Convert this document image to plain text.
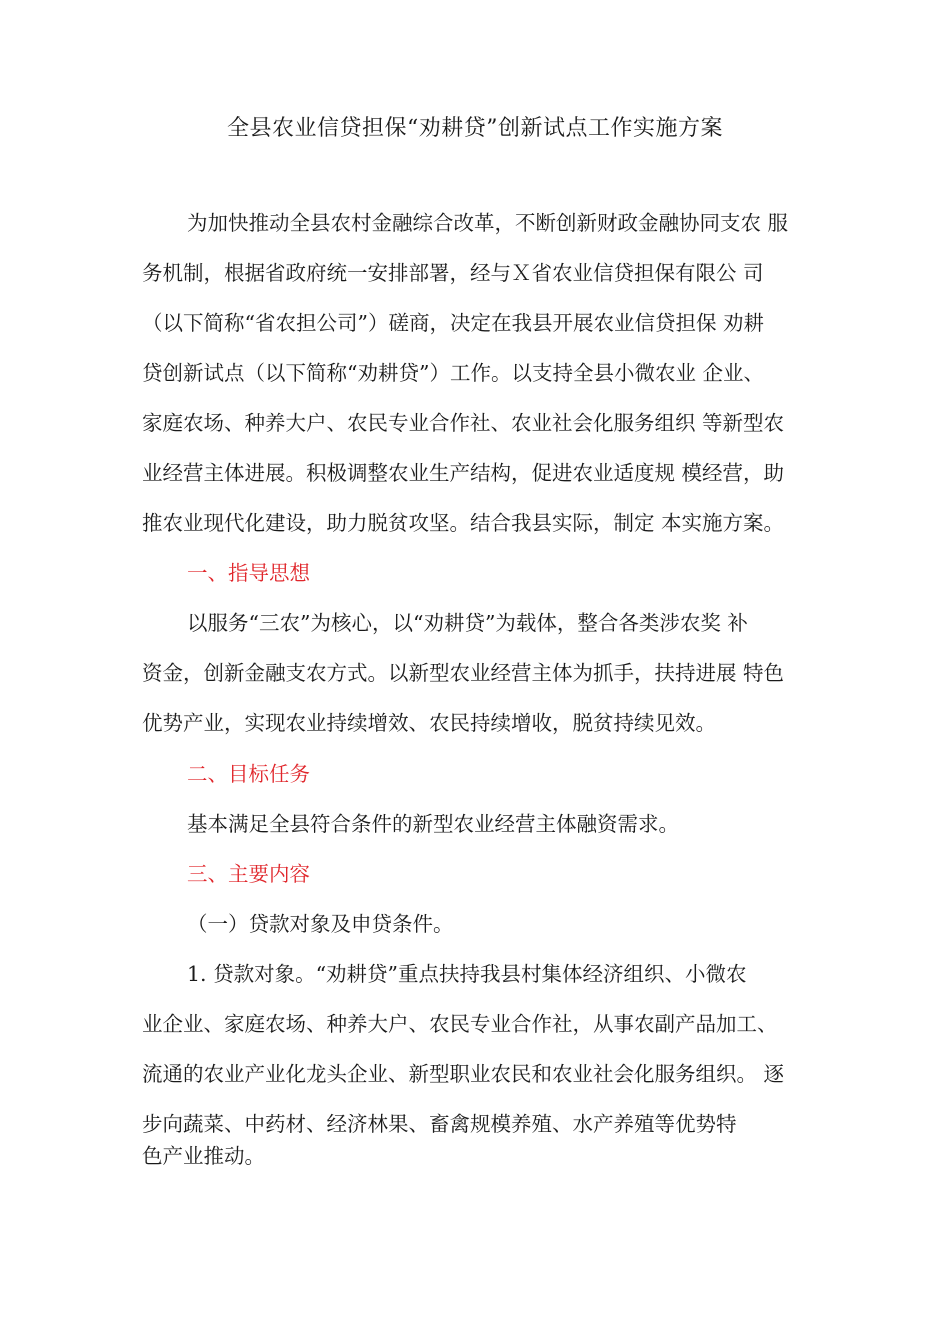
全县农业信贷担保“劝耕贷”创新试点工作实施方案
为加快推动全县农村金融综合改革，不断创新财政金融协同支农 服
务机制，根据省政府统一安排部署，经与Ｘ省农业信贷担保有限公 司
（以下简称“省农担公司”）磋商，决定在我县开展农业信贷担保 劝耕
贷创新试点（以下简称“劝耕贷”）工作。以支持全县小微农业 企业、
家庭农场、种养大户、农民专业合作社、农业社会化服务组织 等新型农
业经营主体进展。积极调整农业生产结构，促进农业适度规 模经营，助
推农业现代化建设，助力脱贫攻坚。结合我县实际，制定 本实施方案。
一、指导思想
以服务“三农”为核心，以“劝耕贷”为载体，整合各类涉农奖 补
资金，创新金融支农方式。以新型农业经营主体为抓手，扶持进展 特色
优势产业，实现农业持续增效、农民持续增收，脱贫持续见效。
二、目标任务
基本满足全县符合条件的新型农业经营主体融资需求。
三、主要内容
（一）贷款对象及申贷条件。
1. 贷款对象。“劝耕贷”重点扶持我县村集体经济组织、小微农
业企业、家庭农场、种养大户、农民专业合作社，从事农副产品加工、
流通的农业产业化龙头企业、新型职业农民和农业社会化服务组织。 逐
步向蔬菜、中药材、经济林果、畜禽规模养殖、水产养殖等优势特
色产业推动。
